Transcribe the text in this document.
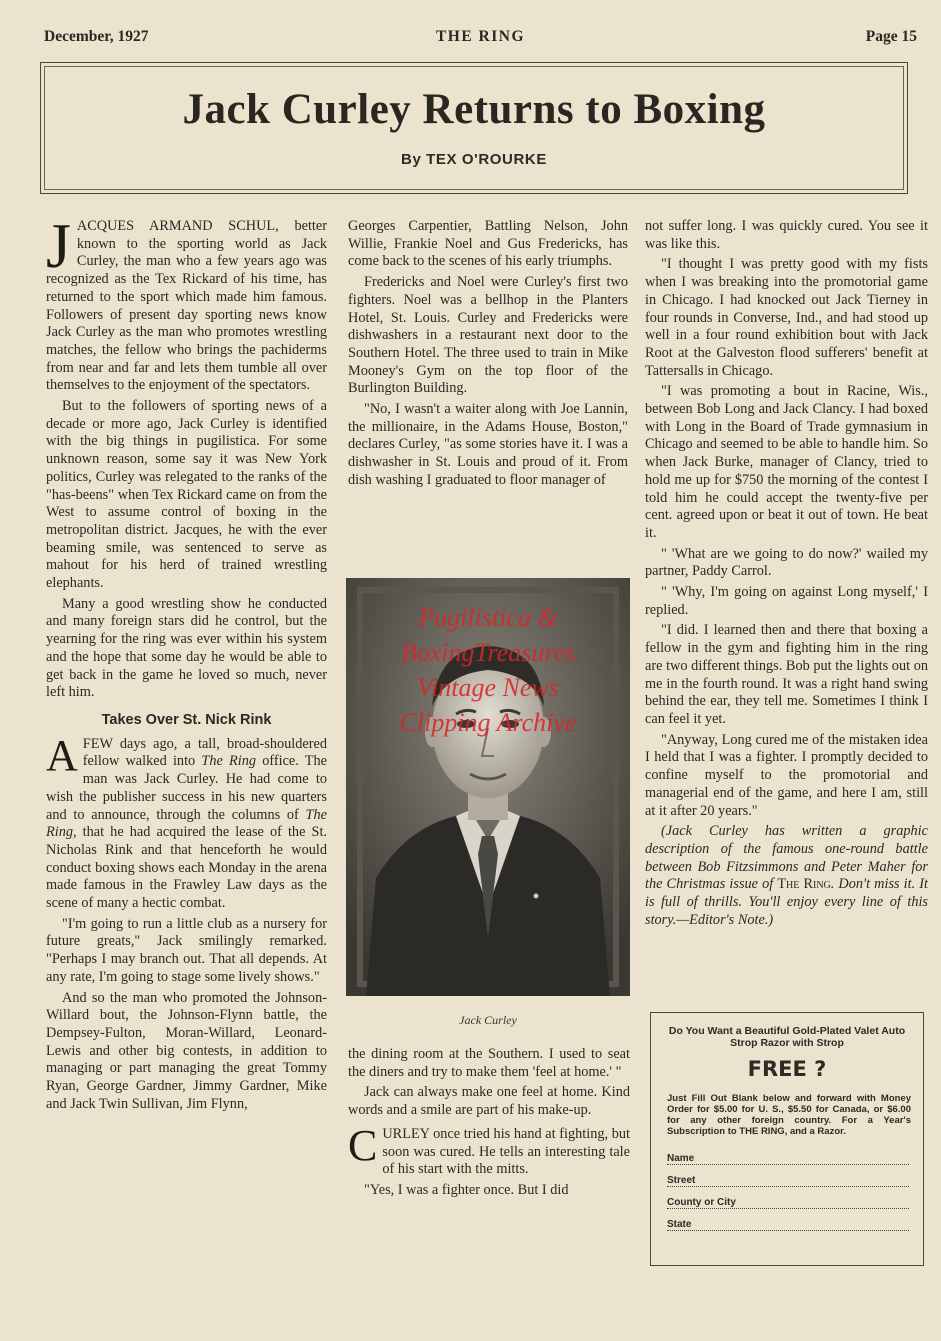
December, 1927	THE RING	Page 15
Jack Curley Returns to Boxing
By TEX O'ROURKE

JACQUES ARMAND SCHUL, better known to the sporting world as Jack Curley, the man who a few years ago was recognized as the Tex Rickard of his time, has returned to the sport which made him famous. Followers of present day sporting news know Jack Curley as the man who promotes wrestling matches, the fellow who brings the pachiderms from near and far and lets them tumble all over themselves to the enjoyment of the spectators.

But to the followers of sporting news of a decade or more ago, Jack Curley is identified with the big things in pugilistica. For some unknown reason, some say it was New York politics, Curley was relegated to the ranks of the "has-beens" when Tex Rickard came on from the West to assume control of boxing in the metropolitan district. Jacques, he with the ever beaming smile, was sentenced to serve as mahout for his herd of trained wrestling elephants.

Many a good wrestling show he conducted and many foreign stars did he control, but the yearning for the ring was ever within his system and the hope that some day he would be able to get back in the game he loved so much, never left him.

Takes Over St. Nick Rink

AFEW days ago, a tall, broad-shouldered fellow walked into The Ring office. The man was Jack Curley. He had come to wish the publisher success in his new quarters and to announce, through the columns of The Ring, that he had acquired the lease of the St. Nicholas Rink and that henceforth he would conduct boxing shows each Monday in the arena made famous in the Frawley Law days as the scene of many a hectic combat.

"I'm going to run a little club as a nursery for future greats," Jack smilingly remarked. "Perhaps I may branch out. That all depends. At any rate, I'm going to stage some lively shows."

And so the man who promoted the Johnson-Willard bout, the Johnson-Flynn battle, the Dempsey-Fulton, Moran-Willard, Leonard-Lewis and other big contests, in addition to managing or part managing the great Tommy Ryan, George Gardner, Jimmy Gardner, Mike and Jack Twin Sullivan, Jim Flynn,

Georges Carpentier, Battling Nelson, John Willie, Frankie Noel and Gus Fredericks, has come back to the scenes of his early triumphs.

Fredericks and Noel were Curley's first two fighters. Noel was a bellhop in the Planters Hotel, St. Louis. Curley and Fredericks were dishwashers in a restaurant next door to the Southern Hotel. The three used to train in Mike Mooney's Gym on the top floor of the Burlington Building.

"No, I wasn't a waiter along with Joe Lannin, the millionaire, in the Adams House, Boston," declares Curley, "as some stories have it. I was a dishwasher in St. Louis and proud of it. From dish washing I graduated to floor manager of

Pugilistica &
BoxingTreasures
Vintage News
Clipping Archive
Jack Curley

the dining room at the Southern. I used to seat the diners and try to make them 'feel at home.' "

Jack can always make one feel at home. Kind words and a smile are part of his make-up.

CURLEY once tried his hand at fighting, but soon was cured. He tells an interesting tale of his start with the mitts.

"Yes, I was a fighter once. But I did

not suffer long. I was quickly cured. You see it was like this.

"I thought I was pretty good with my fists when I was breaking into the promotorial game in Chicago. I had knocked out Jack Tierney in four rounds in Converse, Ind., and had stood up well in a four round exhibition bout with Jack Root at the Galveston flood sufferers' benefit at Tattersalls in Chicago.

"I was promoting a bout in Racine, Wis., between Bob Long and Jack Clancy. I had boxed with Long in the Board of Trade gymnasium in Chicago and seemed to be able to handle him. So when Jack Burke, manager of Clancy, tried to hold me up for $750 the morning of the contest I told him he could accept the twenty-five per cent. agreed upon or beat it out of town. He beat it.

" 'What are we going to do now?' wailed my partner, Paddy Carrol.

" 'Why, I'm going on against Long myself,' I replied.

"I did. I learned then and there that boxing a fellow in the gym and fighting him in the ring are two different things. Bob put the lights out on me in the fourth round. It was a right hand swing behind the ear, they tell me. Sometimes I think I can feel it yet.

"Anyway, Long cured me of the mistaken idea I held that I was a fighter. I promptly decided to confine myself to the promotorial and managerial end of the game, and here I am, still at it after 20 years."

(Jack Curley has written a graphic description of the famous one-round battle between Bob Fitzsimmons and Peter Maher for the Christmas issue of The Ring. Don't miss it. It is full of thrills. You'll enjoy every line of this story.—Editor's Note.)

Do You Want a Beautiful Gold-Plated Valet Auto Strop Razor with Strop
FREE ?
Just Fill Out Blank below and forward with Money Order for $5.00 for U. S., $5.50 for Canada, or $6.00 for any other foreign country. For a Year's Subscription to THE RING, and a Razor.
Name
Street
County or City
State
